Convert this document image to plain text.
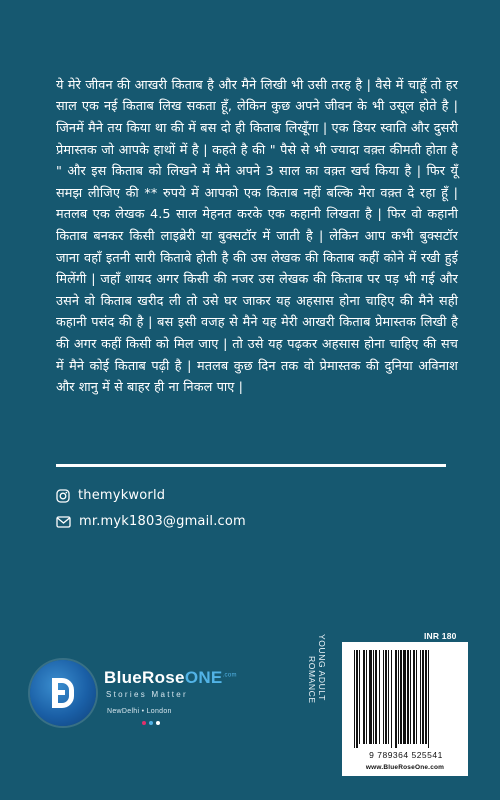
ये मेरे जीवन की आखरी किताब है और मैने लिखी भी उसी तरह है | वैसे में चाहूँ तो हर साल एक नई किताब लिख सकता हूँ, लेकिन कुछ अपने जीवन के भी उसूल होते है | जिनमें मैने तय किया था की में बस दो ही किताब लिखूँगा | एक डियर स्वाति और दुसरी प्रेमास्तक जो आपके हाथों में है | कहते है की " पैसे से भी ज्यादा वक़्त कीमती होता है " और इस किताब को लिखने में मैने अपने 3 साल का वक़्त खर्च किया है | फिर यूँ समझ लीजिए की ** रुपये में आपको एक किताब नहीं बल्कि मेरा वक़्त दे रहा हूँ | मतलब एक लेखक 4.5 साल मेहनत करके एक कहानी लिखता है | फिर वो कहानी किताब बनकर किसी लाइब्रेरी या बुक्सटॉर में जाती है | लेकिन आप कभी बुक्सटॉर जाना वहाँ इतनी सारी किताबे होती है की उस लेखक की किताब कहीं कोने में रखी हुई मिलेंगी | जहाँ शायद अगर किसी की नजर उस लेखक की किताब पर पड़ भी गई और उसने वो किताब खरीद ली तो उसे घर जाकर यह अहसास होना चाहिए की मैने सही कहानी पसंद की है | बस इसी वजह से मैने यह मेरी आखरी किताब प्रेमास्तक लिखी है की अगर कहीं किसी को मिल जाए | तो उसे यह पढ़कर अहसास होना चाहिए की सच में मैने कोई किताब पढ़ी है | मतलब कुछ दिन तक वो प्रेमास्तक की दुनिया अविनाश और शानु में से बाहर ही ना निकल पाए |

themykworld
mr.myk1803@gmail.com
BlueRoseONE$^{.com}$
Stories Matter
NewDelhi • London
YOUNG ADULT
ROMANCE
INR 180
9 789364 525541
www.BlueRoseOne.com
